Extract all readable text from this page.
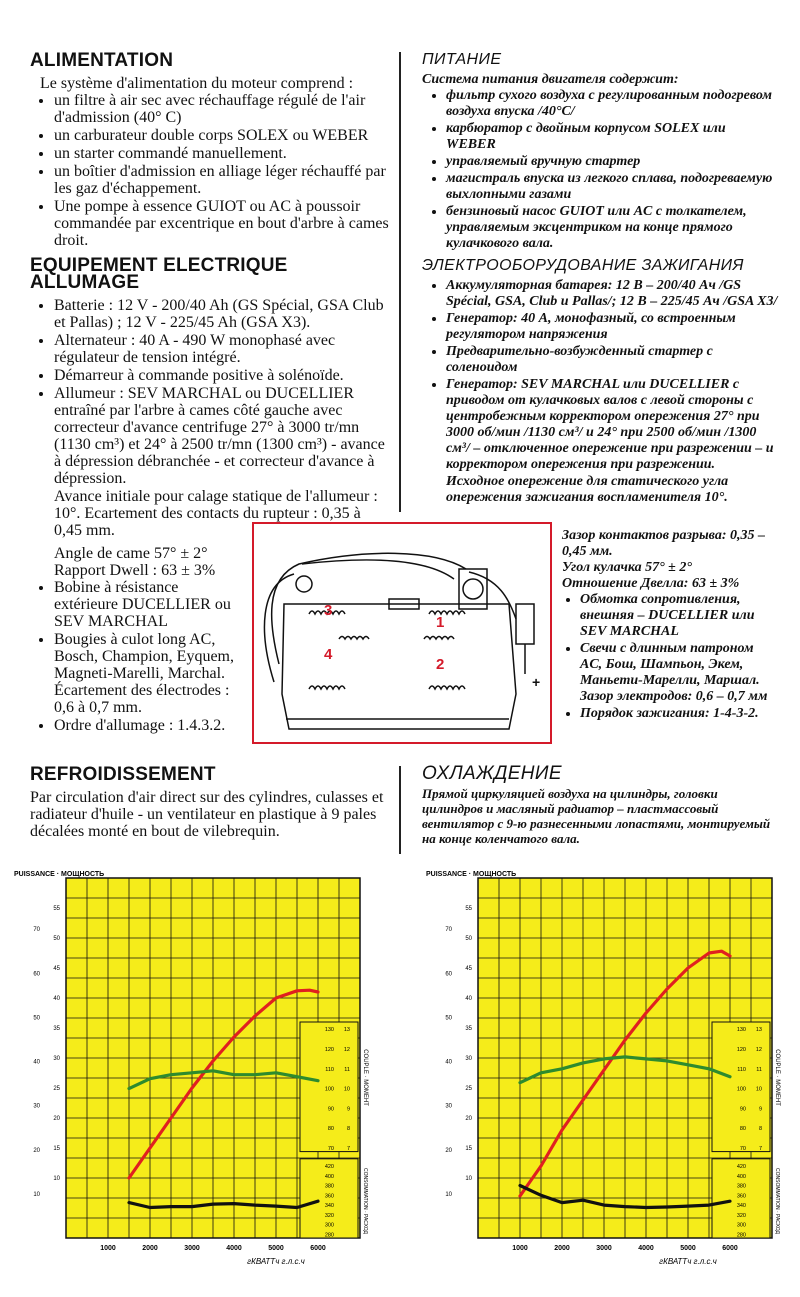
ALIMENTATION
Le système d'alimentation du moteur comprend :
• un filtre à air sec avec réchauffage régulé de l'air d'admission (40° C)
• un carburateur double corps SOLEX ou WEBER
• un starter commandé manuellement.
• un boîtier d'admission en alliage léger réchauffé par les gaz d'échappement.
• Une pompe à essence GUIOT ou AC à poussoir commandée par excentrique en bout d'arbre à cames droit.
EQUIPEMENT ELECTRIQUE ALLUMAGE
• Batterie : 12 V - 200/40 Ah (GS Spécial, GSA Club et Pallas) ; 12 V - 225/45 Ah (GSA X3).
• Alternateur : 40 A - 490 W monophasé avec régulateur de tension intégré.
• Démarreur à commande positive à solénoïde.
• Allumeur : SEV MARCHAL ou DUCELLIER entraîné par l'arbre à cames côté gauche avec correcteur d'avance centrifuge 27° à 3000 tr/mn (1130 cm³) et 24° à 2500 tr/mn (1300 cm³) - avance à dépression débranchée - et correcteur d'avance à dépression.
Avance initiale pour calage statique de l'allumeur : 10°. Ecartement des contacts du rupteur : 0,35 à 0,45 mm.
Angle de came 57° ± 2°
Rapport Dwell : 63 ± 3%
• Bobine à résistance extérieure DUCELLIER ou SEV MARCHAL
• Bougies à culot long AC, Bosch, Champion, Eyquem, Magneti-Marelli, Marchal. Écartement des électrodes : 0,6 à 0,7 mm.
• Ordre d'allumage : 1.4.3.2.
REFROIDISSEMENT
Par circulation d'air direct sur des cylindres, culasses et radiateur d'huile - un ventilateur en plastique à 9 pales décalées monté en bout de vilebrequin.
ПИТАНИЕ

Система питания двигателя содержит:

• фильтр сухого воздуха с регулированным подогревом воздуха впуска /40°C/
• карбюратор с двойным корпусом SOLEX или WEBER
• управляемый вручную стартер
• магистраль впуска из легкого сплава, подогреваемую выхлопными газами
• бензиновый насос GUIOT или AC с толкателем, управляемым эксцентриком на конце прямого кулачкового вала.
ЭЛЕКТРООБОРУДОВАНИЕ ЗАЖИГАНИЯ
• Аккумуляторная батарея: 12 В – 200/40 Ач /GS Spécial, GSA, Club и Pallas/; 12 В – 225/45 Ач /GSA X3/
• Генератор: 40 А, монофазный, со встроенным регулятором напряжения
• Предварительно-возбужденный стартер с соленоидом
• Генератор: SEV MARCHAL или DUCELLIER с приводом от кулачковых валов с левой стороны с центробежным корректором опережения 27° при 3000 об/мин /1130 см³/ и 24° при 2500 об/мин /1300 см³/ – отключенное опережение при разрежении – и корректором опережения при разрежении.

Исходное опережение для статического угла опережения зажигания воспламенителя 10°.

Зазор контактов разрыва: 0,35 – 0,45 мм.

Угол кулачка 57° ± 2°

Отношение Двелла: 63 ± 3%

• Обмотка сопротивления, внешняя – DUCELLIER или SEV MARCHAL
• Свечи с длинным патроном AC, Бош, Шампьон, Экем, Маньети-Марелли, Маршал. Зазор электродов: 0,6 – 0,7 мм
• Порядок зажигания: 1-4-3-2.
ОХЛАЖДЕНИЕ

Прямой циркуляцией воздуха на цилиндры, головки цилиндров и масляный радиатор – пластмассовый вентилятор с 9-ю разнесенными лопастями, монтируемый на конце коленчатого вала.

3
1
4
2
+
PUISSANCE · МОЩНОСТЬ
1000	2000	3000	4000	5000	6000
гКВАТТч г.л.с.ч
10
15
20
25
30
35
40
45
50
55
10
20
30
40
50
60
70
130 13
120 12
110 11
100 10
90 9
80 8
70 7
COUPLE · МОМЕНТ
420
400
380
360
340
320
300
280
CONSOMMATION · РАСХОД
PUISSANCE · МОЩНОСТЬ
1000	2000	3000	4000	5000	6000
гКВАТТч г.л.с.ч
10
15
20
25
30
35
40
45
50
55
10
20
30
40
50
60
70
130 13
120 12
110 11
100 10
90 9
80 8
70 7
COUPLE · МОМЕНТ
420
400
380
360
340
320
300
280
CONSOMMATION · РАСХОД
